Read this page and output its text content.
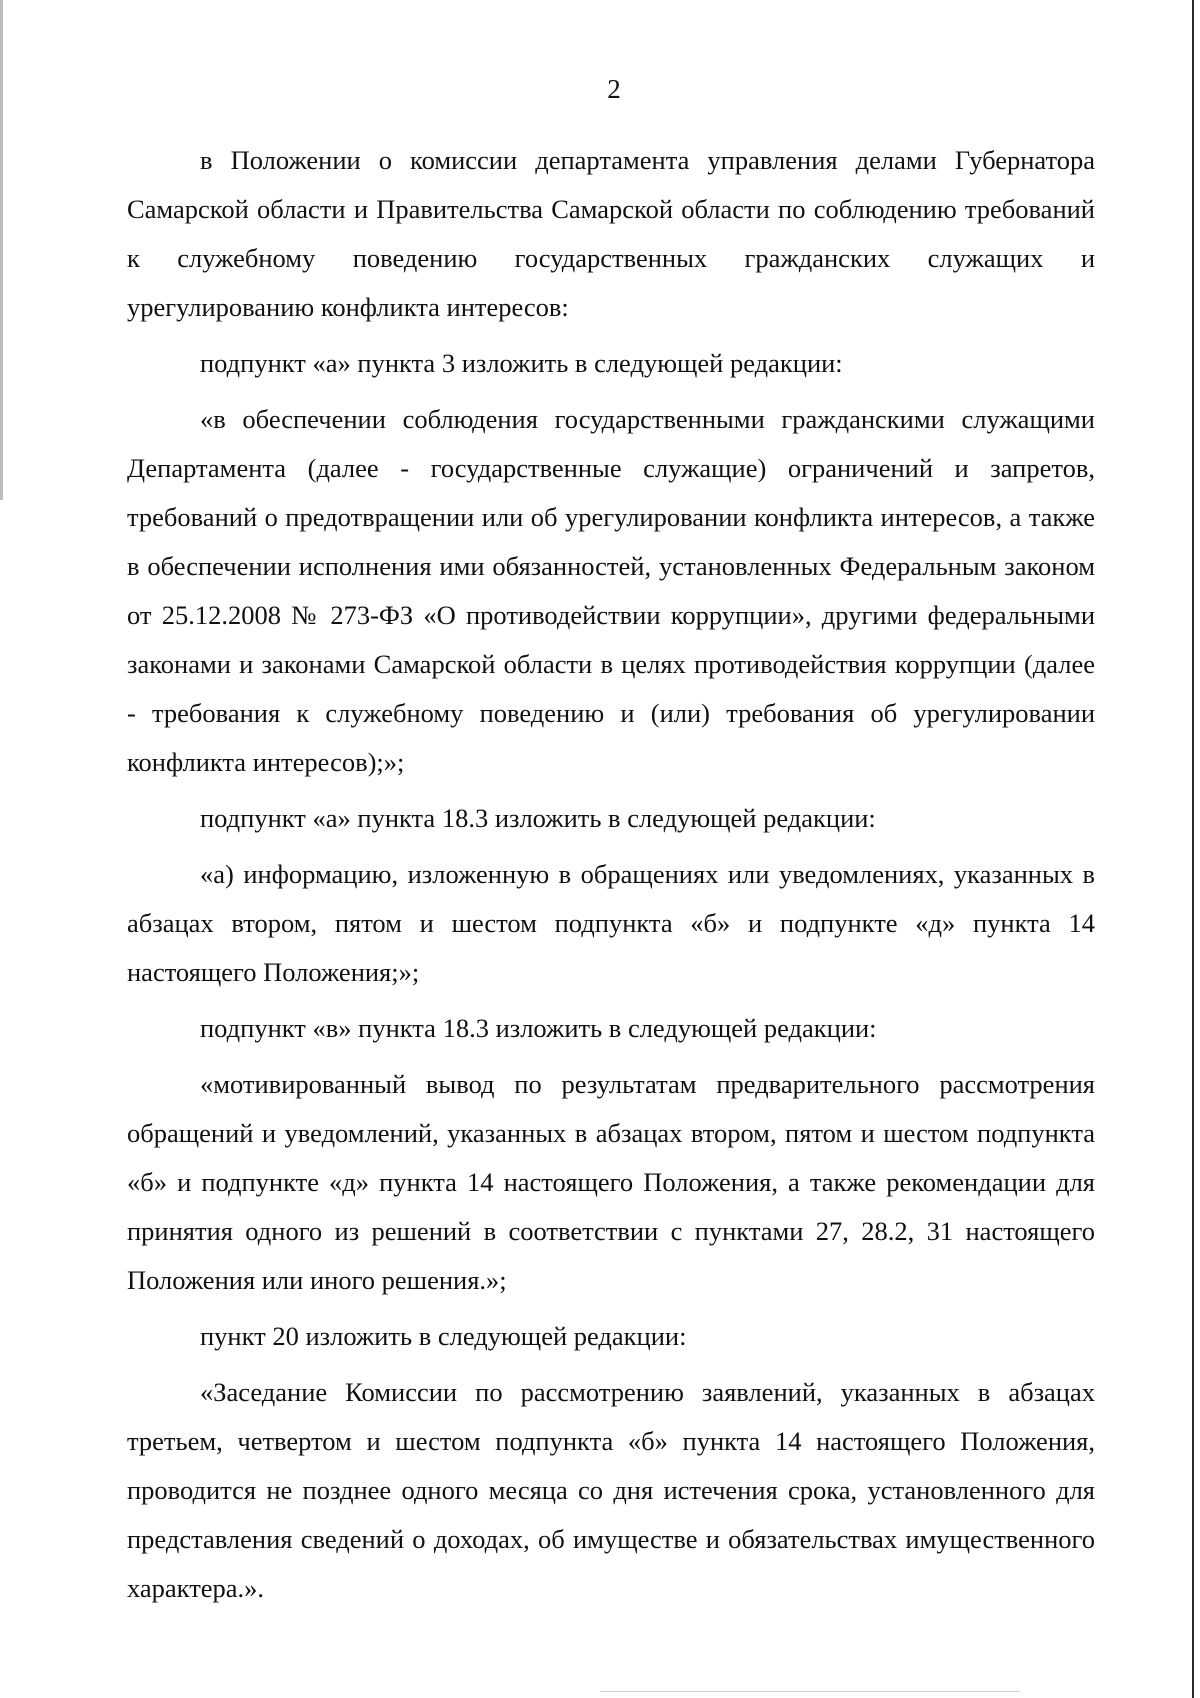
2

в Положении о комиссии департамента управления делами Губернатора Самарской области и Правительства Самарской области по соблюдению требований к служебному поведению государственных гражданских служащих и урегулированию конфликта интересов:

подпункт «а» пункта 3 изложить в следующей редакции:

«в обеспечении соблюдения государственными гражданскими служащими Департамента (далее - государственные служащие) ограничений и запретов, требований о предотвращении или об урегулировании конфликта интересов, а также в обеспечении исполнения ими обязанностей, установленных Федеральным законом от 25.12.2008 № 273-ФЗ «О противодействии коррупции», другими федеральными законами и законами Самарской области в целях противодействия коррупции (далее - требования к служебному поведению и (или) требования об урегулировании конфликта интересов);»;

подпункт «а» пункта 18.3 изложить в следующей редакции:

«а) информацию, изложенную в обращениях или уведомлениях, указанных в абзацах втором, пятом и шестом подпункта «б» и подпункте «д» пункта 14 настоящего Положения;»;

подпункт «в» пункта 18.3 изложить в следующей редакции:

«мотивированный вывод по результатам предварительного рассмотрения обращений и уведомлений, указанных в абзацах втором, пятом и шестом подпункта «б» и подпункте «д» пункта 14 настоящего Положения, а также рекомендации для принятия одного из решений в соответствии с пунктами 27, 28.2, 31 настоящего Положения или иного решения.»;

пункт 20 изложить в следующей редакции:

«Заседание Комиссии по рассмотрению заявлений, указанных в абзацах третьем, четвертом и шестом подпункта «б» пункта 14 настоящего Положения, проводится не позднее одного месяца со дня истечения срока, установленного для представления сведений о доходах, об имуществе и обязательствах имущественного характера.».
